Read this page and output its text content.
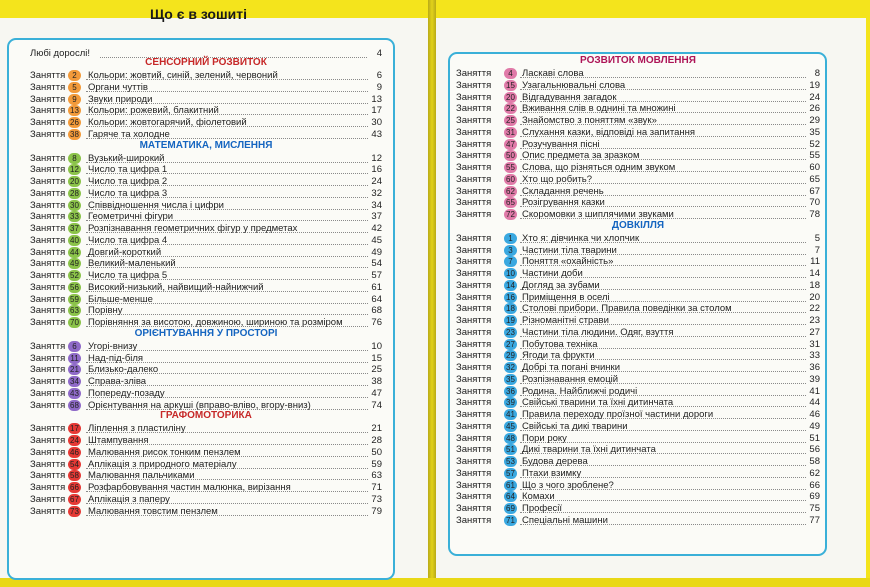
Що є в зошиті
Любі дорослі!	4
СЕНСОРНИЙ РОЗВИТОК
Заняття 2	Кольори: жовтий, синій, зелений, червоний	6
Заняття 5	Органи чуттів	9
Заняття 9	Звуки природи	13
Заняття 13 Кольори: рожевий, блакитний	17
Заняття 26 Кольори: жовтогарячий, фіолетовий	30
Заняття 38 Гаряче та холодне	43
МАТЕМАТИКА, МИСЛЕННЯ
Заняття 8	Вузький-широкий	12
Заняття 12 Число та цифра 1	16
Заняття 20 Число та цифра 2	24
Заняття 28 Число та цифра 3	32
Заняття 30 Співвідношення числа і цифри	34
Заняття 33 Геометричні фігури	37
Заняття 37 Розпізнавання геометричних фігур у предметах	42
Заняття 40 Число та цифра 4	45
Заняття 44 Довгий-короткий	49
Заняття 49 Великий-маленький	54
Заняття 52 Число та цифра 5	57
Заняття 56 Високий-низький, найвищий-найнижчий	61
Заняття 59 Більше-менше	64
Заняття 63 Порівну	68
Заняття 70 Порівняння за висотою, довжиною, шириною та розміром	76
ОРІЄНТУВАННЯ У ПРОСТОРІ
Заняття 6	Угорі-внизу	10
Заняття 11 Над-під-біля	15
Заняття 21 Близько-далеко	25
Заняття 34 Справа-зліва	38
Заняття 43 Попереду-позаду	47
Заняття 68 Орієнтування на аркуші (вправо-вліво, вгору-вниз)	74
ГРАФОМОТОРИКА
Заняття 17 Ліплення з пластиліну	21
Заняття 24 Штампування	28
Заняття 46 Малювання рисок тонким пензлем	50
Заняття 54 Аплікація з природного матеріалу	59
Заняття 58 Малювання пальчиками	63
Заняття 66 Розфарбовування частин малюнка, вирізання	71
Заняття 67 Аплікація з паперу	73
Заняття 73 Малювання товстим пензлем	79
РОЗВИТОК МОВЛЕННЯ
Заняття	4 Ласкаві слова	8
Заняття 15 Узагальнювальні слова	19
Заняття 20 Відгадування загадок	24
Заняття 22 Вживання слів в однині та множині	26
Заняття 25 Знайомство з поняттям «звук»	29
Заняття 31 Слухання казки, відповіді на запитання	35
Заняття 47 Розучування пісні	52
Заняття 50 Опис предмета за зразком	55
Заняття 55 Слова, що різняться одним звуком	60
Заняття 60 Хто що робить?	65
Заняття 62 Складання речень	67
Заняття 65 Розігрування казки	70
Заняття 72 Скоромовки з шиплячими звуками	78
ДОВКІЛЛЯ
Заняття	1 Хто я: дівчинка чи хлопчик	5
Заняття	3 Частини тіла тварини	7
Заняття	7 Поняття «охайність»	11
Заняття 10 Частини доби	14
Заняття 14 Догляд за зубами	18
Заняття 16 Приміщення в оселі	20
Заняття 18 Столові прибори. Правила поведінки за столом	22
Заняття 19 Різноманітні страви	23
Заняття 23 Частини тіла людини. Одяг, взуття	27
Заняття 27 Побутова техніка	31
Заняття 29 Ягоди та фрукти	33
Заняття 32 Добрі та погані вчинки	36
Заняття 35 Розпізнавання емоцій	39
Заняття 36 Родина. Найближчі родичі	41
Заняття 39 Свійські тварини та їхні дитинчата	44
Заняття 41 Правила переходу проїзної частини дороги	46
Заняття 45 Свійські та дикі тварини	49
Заняття 48 Пори року	51
Заняття 51 Дикі тварини та їхні дитинчата	56
Заняття 53 Будова дерева	58
Заняття 57 Птахи взимку	62
Заняття 61 Що з чого зроблене?	66
Заняття 64 Комахи	69
Заняття 69 Професії	75
Заняття 71 Спеціальні машини	77
